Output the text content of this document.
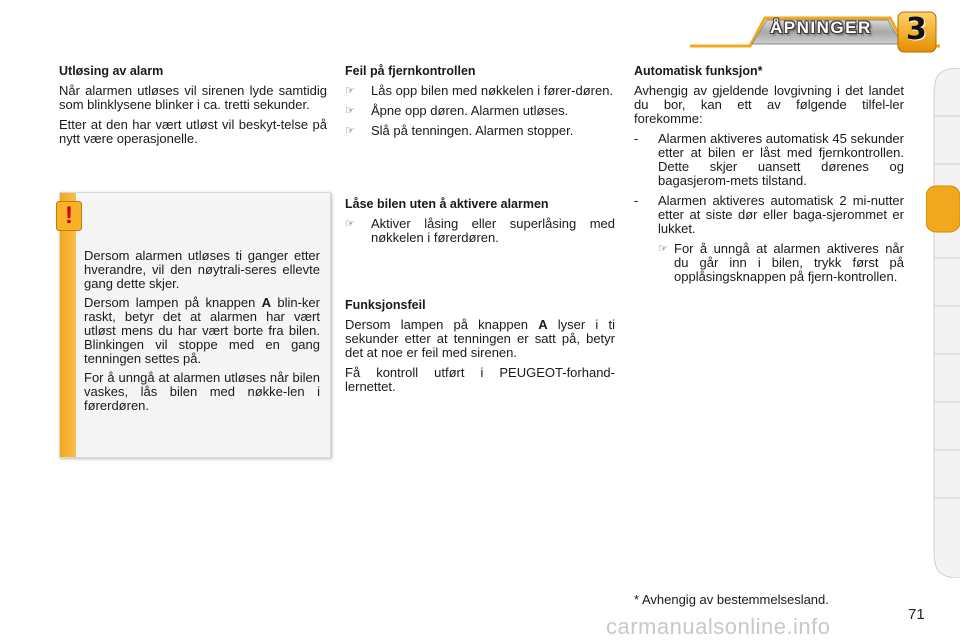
ÅPNINGER 3
Utløsing av alarm

Når alarmen utløses vil sirenen lyde samtidig som blinklysene blinker i ca. tretti sekunder.

Etter at den har vært utløst vil beskyt-telse på nytt være operasjonelle.

!

Dersom alarmen utløses ti ganger etter hverandre, vil den nøytrali-seres ellevte gang dette skjer.

Dersom lampen på knappen A blin-ker raskt, betyr det at alarmen har vært utløst mens du har vært borte fra bilen. Blinkingen vil stoppe med en gang tenningen settes på.

For å unngå at alarmen utløses når bilen vaskes, lås bilen med nøkke-len i førerdøren.

Feil på fjernkontrollen
☞	Lås opp bilen med nøkkelen i fører-døren.
☞	Åpne opp døren. Alarmen utløses.
☞	Slå på tenningen. Alarmen stopper.
Låse bilen uten å aktivere alarmen
☞	Aktiver låsing eller superlåsing med nøkkelen i førerdøren.
Funksjonsfeil

Dersom lampen på knappen A lyser i ti sekunder etter at tenningen er satt på, betyr det at noe er feil med sirenen.

Få kontroll utført i PEUGEOT-forhand-lernettet.

Automatisk funksjon*

Avhengig av gjeldende lovgivning i det landet du bor, kan ett av følgende tilfel-ler forekomme:

-	Alarmen aktiveres automatisk 45 sekunder etter at bilen er låst med fjernkontrollen. Dette skjer uansett dørenes og bagasjerom-mets tilstand.
-	Alarmen aktiveres automatisk 2 mi-nutter etter at siste dør eller baga-sjerommet er lukket.
☞ For å unngå at alarmen aktiveres når du går inn i bilen, trykk først på opplåsingsknappen på fjern-kontrollen.
* Avhengig av bestemmelsesland.
carmanualsonline.info	71
